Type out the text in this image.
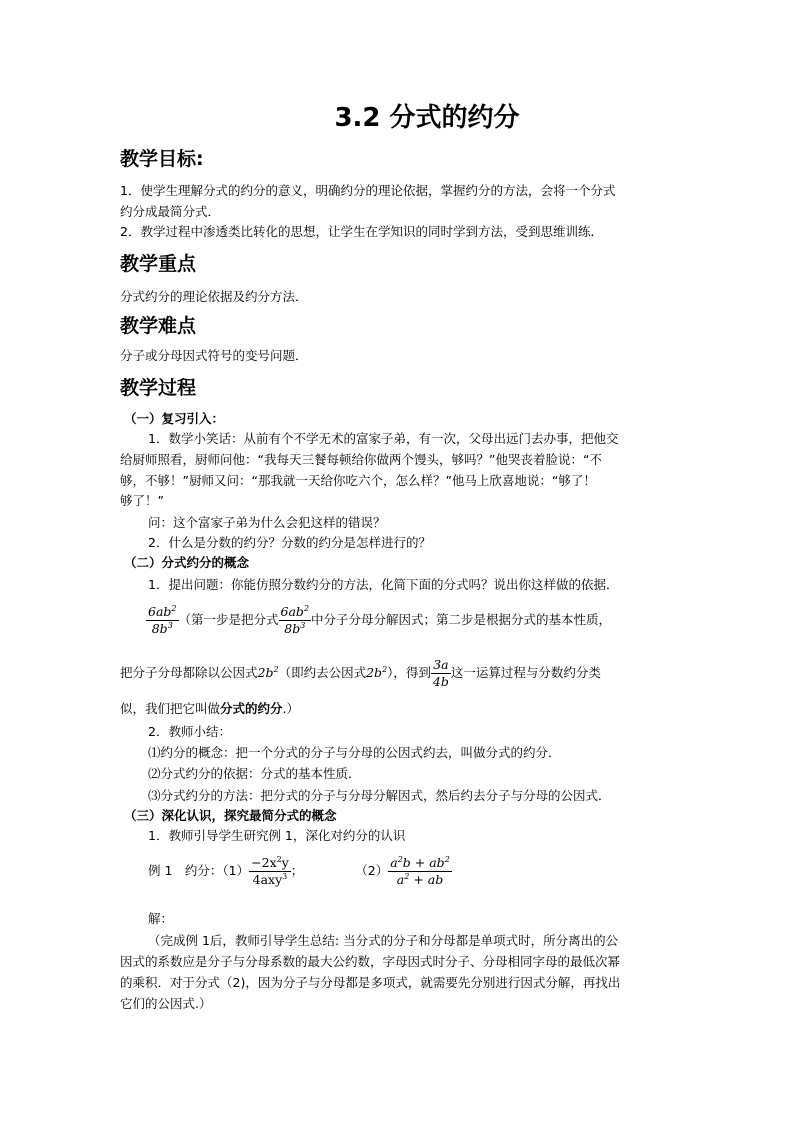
3.2 分式的约分
教学目标:

1．使学生理解分式的约分的意义，明确约分的理论依据，掌握约分的方法，会将一个分式

约分成最简分式．

2．教学过程中渗透类比转化的思想，让学生在学知识的同时学到方法，受到思维训练．

教学重点

分式约分的理论依据及约分方法．

教学难点

分子或分母因式符号的变号问题．

教学过程

（一）复习引入：

1．数学小笑话：从前有个不学无术的富家子弟，有一次，父母出远门去办事，把他交

给厨师照看，厨师问他：“我每天三餐每顿给你做两个馒头，够吗？”他哭丧着脸说：“不

够，不够！”厨师又问：“那我就一天给你吃六个，怎么样？”他马上欣喜地说：“够了！

够了！”

问：这个富家子弟为什么会犯这样的错误？

2．什么是分数的约分？分数的约分是怎样进行的？

（二）分式约分的概念

1．提出问题：你能仿照分数约分的方法，化简下面的分式吗？说出你这样做的依据．

$\frac{6ab^2}{8b^3}$ （第一步是把分式 $\frac{6ab^2}{8b^3}$ 中分子分母分解因式；第二步是根据分式的基本性质，
把分子分母都除以公因式$2b^2$（即约去公因式$2b^2$），得到 $\frac{3a}{4b}$ 这一运算过程与分数约分类
似，我们把它叫做分式的约分.）

2．教师小结：

⑴约分的概念：把一个分式的分子与分母的公因式约去，叫做分式的约分．

⑵分式约分的依据：分式的基本性质．

⑶分式约分的方法：把分式的分子与分母分解因式，然后约去分子与分母的公因式．

（三）深化认识，探究最简分式的概念

1．教师引导学生研究例 1，深化对约分的认识

例 1　约分：$(1) \frac{-2x^2y}{4axy^3}$ ；	$(2) \frac{a^2b + ab^2}{a^2 + ab}$

解：

（完成例 1后，教师引导学生总结: 当分式的分子和分母都是单项式时，所分离出的公

因式的系数应是分子与分母系数的最大公约数，字母因式时分子、分母相同字母的最低次幂

的乘积．对于分式（2)，因为分子与分母都是多项式，就需要先分别进行因式分解，再找出

它们的公因式.）
